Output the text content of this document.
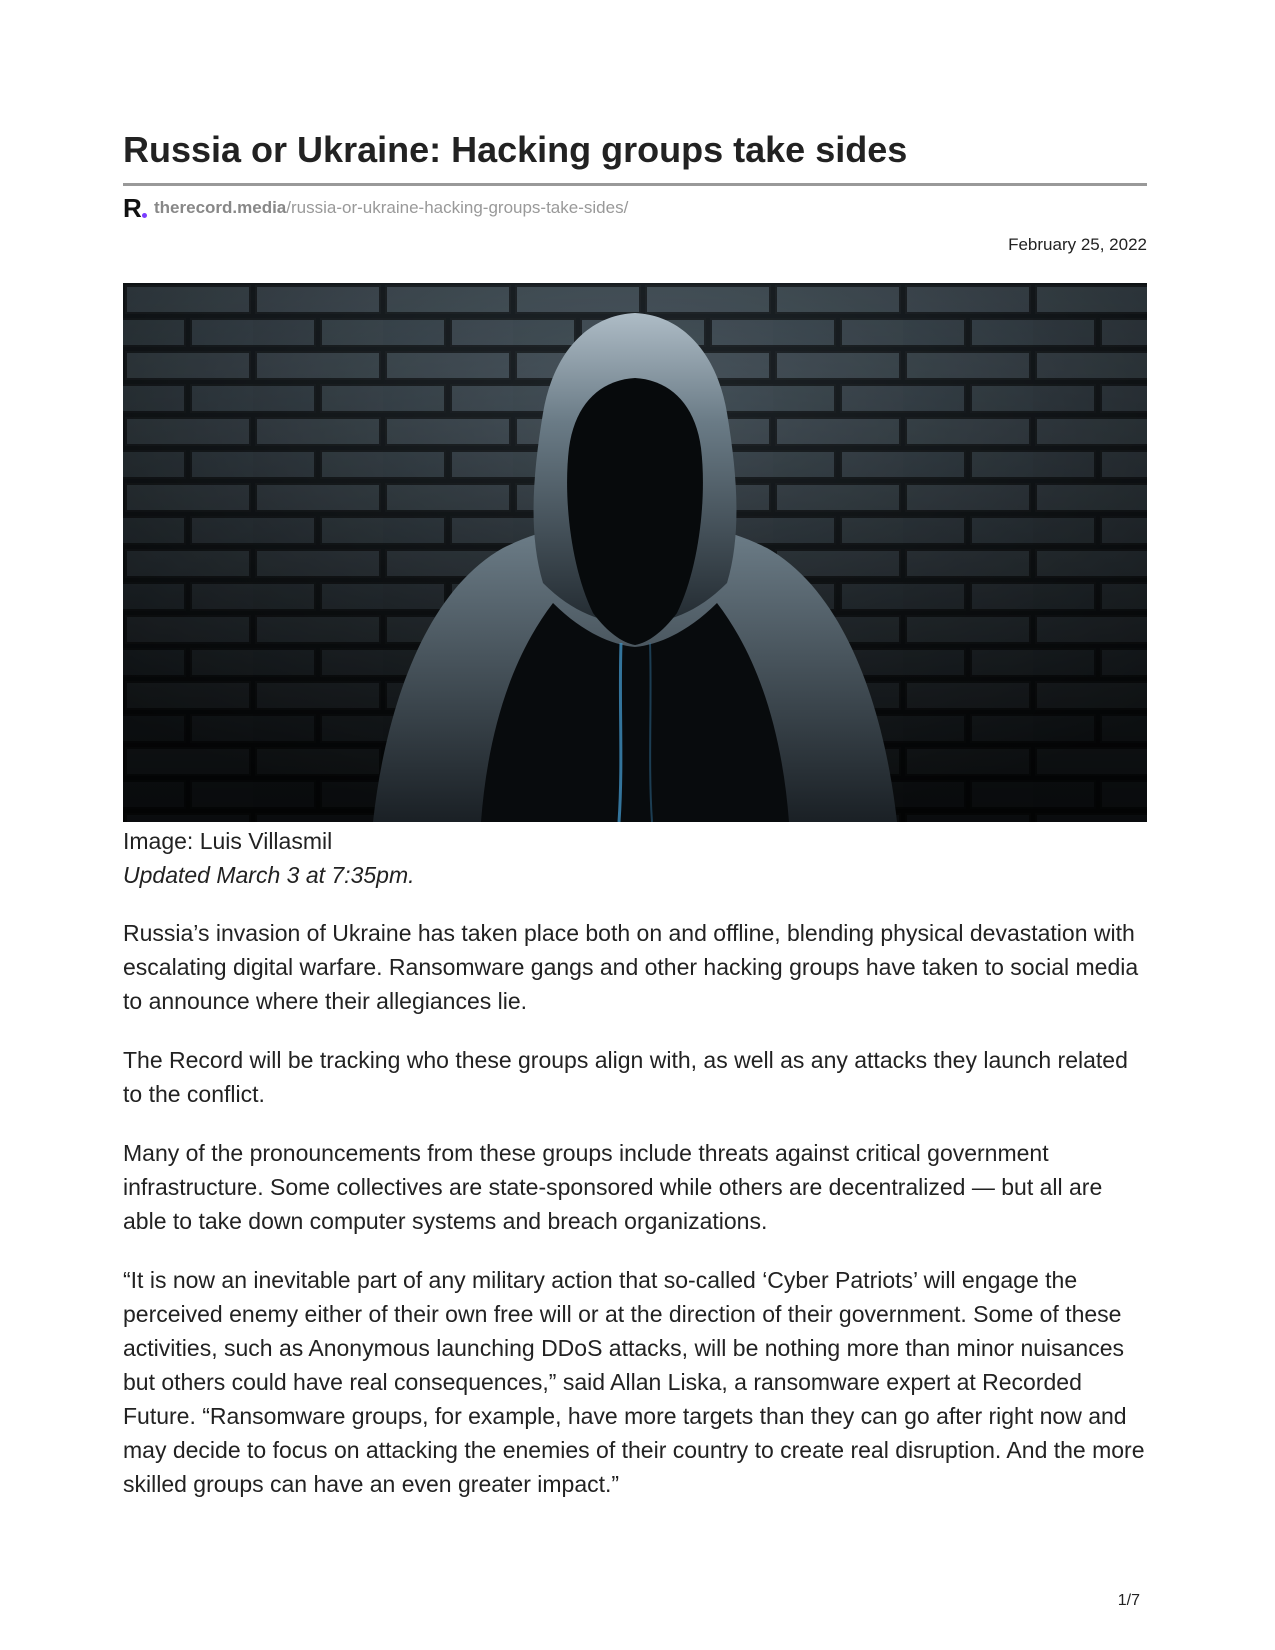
Russia or Ukraine: Hacking groups take sides
R therecord.media/russia-or-ukraine-hacking-groups-take-sides/
February 25, 2022
Image: Luis Villasmil
Updated March 3 at 7:35pm.

Russia’s invasion of Ukraine has taken place both on and offline, blending physical devastation with escalating digital warfare. Ransomware gangs and other hacking groups have taken to social media to announce where their allegiances lie.

The Record will be tracking who these groups align with, as well as any attacks they launch related to the conflict.

Many of the pronouncements from these groups include threats against critical government infrastructure. Some collectives are state-sponsored while others are decentralized — but all are able to take down computer systems and breach organizations.

“It is now an inevitable part of any military action that so-called ‘Cyber Patriots’ will engage the perceived enemy either of their own free will or at the direction of their government. Some of these activities, such as Anonymous launching DDoS attacks, will be nothing more than minor nuisances but others could have real consequences,” said Allan Liska, a ransomware expert at Recorded Future. “Ransomware groups, for example, have more targets than they can go after right now and may decide to focus on attacking the enemies of their country to create real disruption. And the more skilled groups can have an even greater impact.”

1/7
